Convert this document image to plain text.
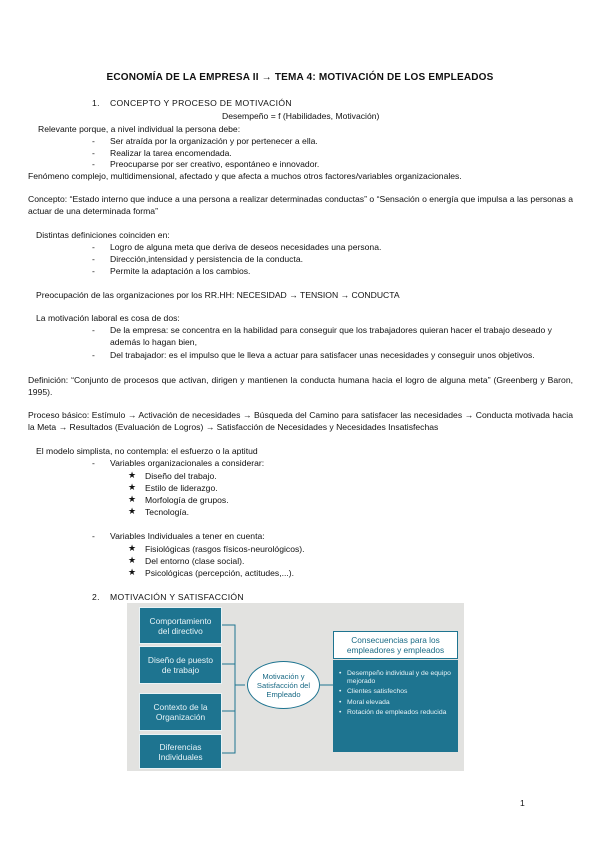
ECONOMÍA DE LA EMPRESA II → TEMA 4: MOTIVACIÓN DE LOS EMPLEADOS
1. CONCEPTO Y PROCESO DE MOTIVACIÓN
Desempeño = f (Habilidades, Motivación)
Relevante porque, a nivel individual la persona debe:
- Ser atraída por la organización y por pertenecer a ella.
- Realizar la tarea encomendada.
- Preocuparse por ser creativo, espontáneo e innovador.
Fenómeno complejo, multidimensional, afectado y que afecta a muchos otros factores/variables organizacionales.
Concepto: “Estado interno que induce a una persona a realizar determinadas conductas” o “Sensación o energía que impulsa a las personas a actuar de una determinada forma”
Distintas definiciones coinciden en:
- Logro de alguna meta que deriva de deseos necesidades una persona.
- Dirección,intensidad y persistencia de la conducta.
- Permite la adaptación a los cambios.
Preocupación de las organizaciones por los RR.HH: NECESIDAD → TENSION → CONDUCTA
La motivación laboral es cosa de dos:
- De la empresa: se concentra en la habilidad para conseguir que los trabajadores quieran hacer el trabajo deseado y además lo hagan bien,
- Del trabajador: es el impulso que le lleva a actuar para satisfacer unas necesidades y conseguir unos objetivos.
Definición: “Conjunto de procesos que activan, dirigen y mantienen la conducta humana hacia el logro de alguna meta” (Greenberg y Baron, 1995).
Proceso básico: Estímulo → Activación de necesidades → Búsqueda del Camino para satisfacer las necesidades → Conducta motivada hacia la Meta → Resultados (Evaluación de Logros) → Satisfacción de Necesidades y Necesidades Insatisfechas
El modelo simplista, no contempla: el esfuerzo o la aptitud
- Variables organizacionales a considerar:
★ Diseño del trabajo.
★ Estilo de liderazgo.
★ Morfología de grupos.
★ Tecnología.
- Variables Individuales a tener en cuenta:
★ Fisiológicas (rasgos físicos-neurológicos).
★ Del entorno (clase social).
★ Psicológicas (percepción, actitudes,...).
2. MOTIVACIÓN Y SATISFACCIÓN
Comportamiento del directivo
Diseño de puesto de trabajo
Contexto de la Organización
Diferencias Individuales
Motivación y Satisfacción del Empleado
Consecuencias para los empleadores y empleados
• Desempeño individual y de equipo mejorado
• Clientes satisfechos
• Moral elevada
• Rotación de empleados reducida
1
